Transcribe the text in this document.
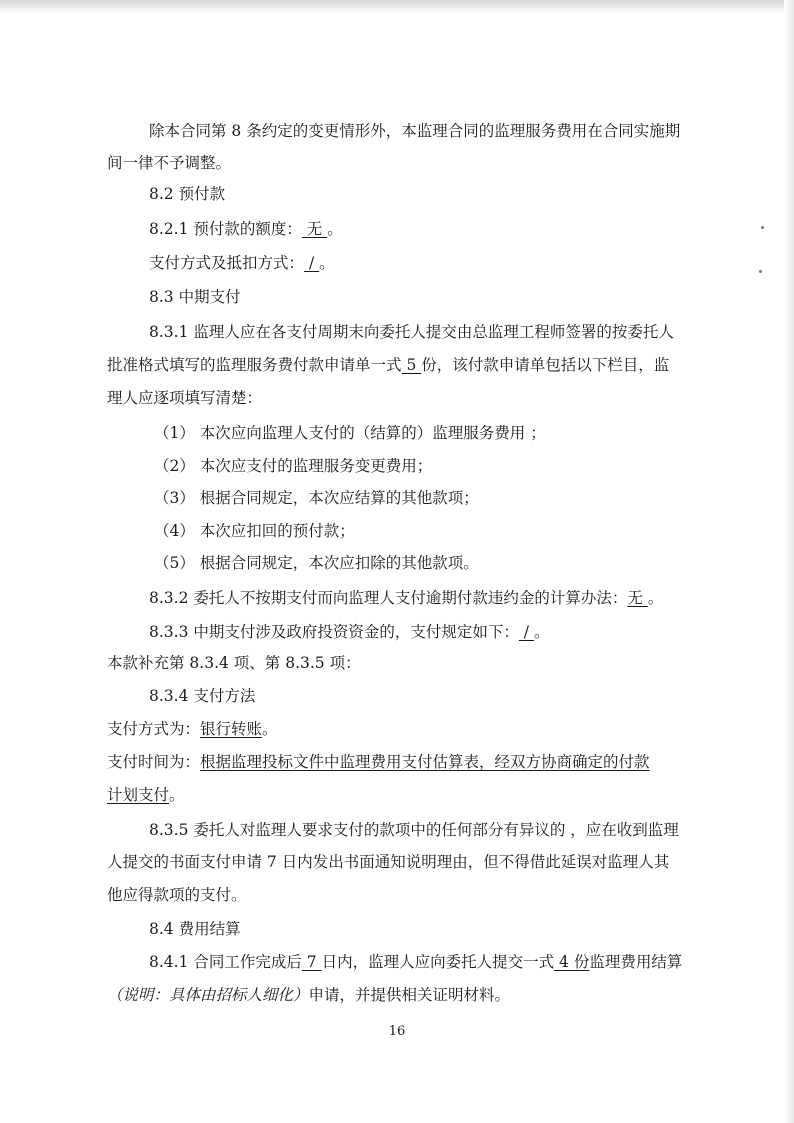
除本合同第 8 条约定的变更情形外，本监理合同的监理服务费用在合同实施期
间一律不予调整。
8.2 预付款
8.2.1 预付款的额度： 无 。
支付方式及抵扣方式： / 。
8.3 中期支付
8.3.1 监理人应在各支付周期末向委托人提交由总监理工程师签署的按委托人
批准格式填写的监理服务费付款申请单一式 5 份，该付款申请单包括以下栏目，监
理人应逐项填写清楚：
（1） 本次应向监理人支付的（结算的）监理服务费用 ；
（2） 本次应支付的监理服务变更费用；
（3） 根据合同规定，本次应结算的其他款项；
（4） 本次应扣回的预付款；
（5） 根据合同规定，本次应扣除的其他款项。
8.3.2 委托人不按期支付而向监理人支付逾期付款违约金的计算办法：无 。
8.3.3 中期支付涉及政府投资资金的，支付规定如下： / 。
本款补充第 8.3.4 项、第 8.3.5 项：
8.3.4 支付方法
支付方式为：银行转账。
支付时间为：根据监理投标文件中监理费用支付估算表，经双方协商确定的付款
计划支付。
8.3.5 委托人对监理人要求支付的款项中的任何部分有异议的 ，应在收到监理
人提交的书面支付申请 7 日内发出书面通知说明理由，但不得借此延误对监理人其
他应得款项的支付。
8.4 费用结算
8.4.1 合同工作完成后 7 日内，监理人应向委托人提交一式 4 份监理费用结算
（说明：具体由招标人细化）申请，并提供相关证明材料。
16
